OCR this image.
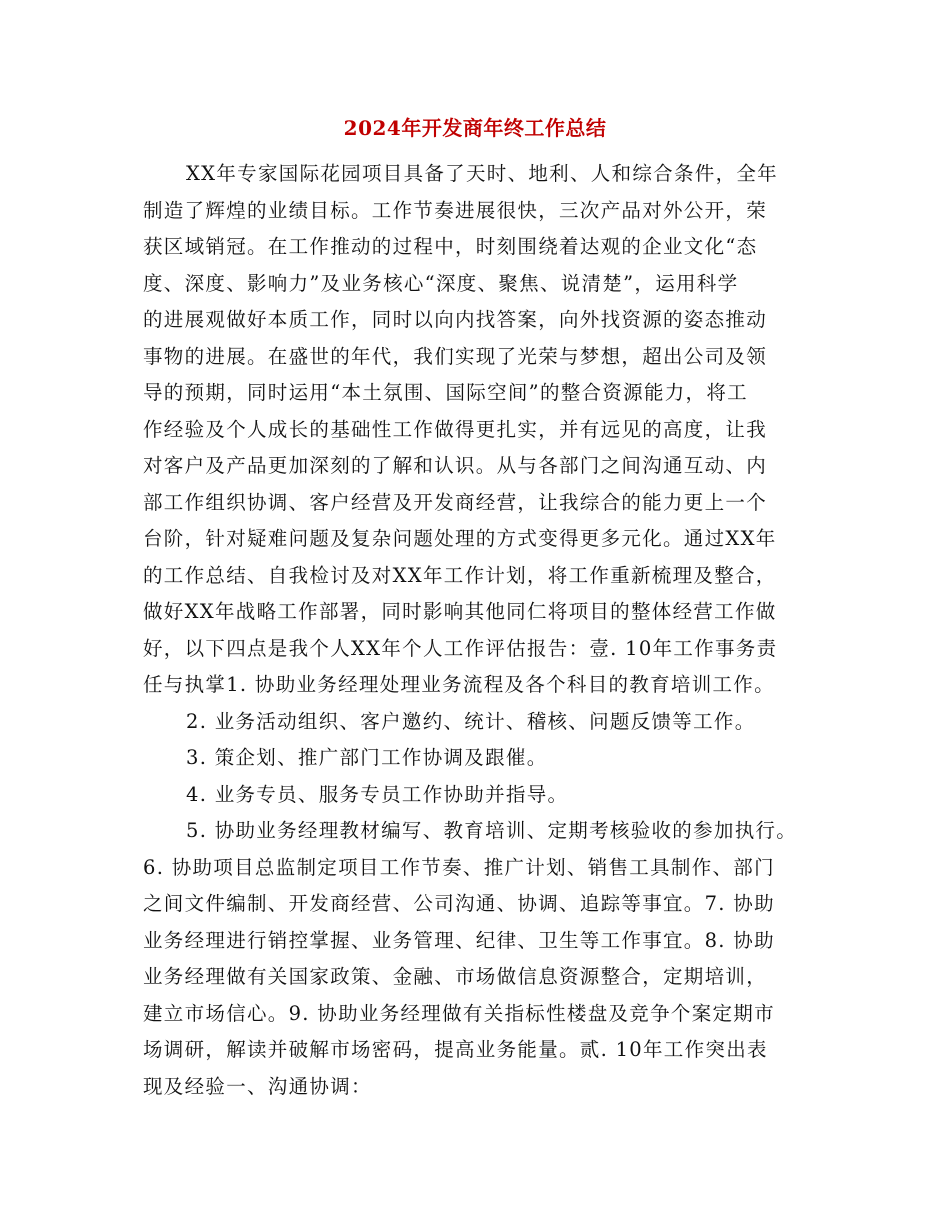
2024年开发商年终工作总结
XX年专家国际花园项目具备了天时、地利、人和综合条件，全年
制造了辉煌的业绩目标。工作节奏进展很快，三次产品对外公开，荣
获区域销冠。在工作推动的过程中，时刻围绕着达观的企业文化“态
度、深度、影响力”及业务核心“深度、聚焦、说清楚”，运用科学
的进展观做好本质工作，同时以向内找答案，向外找资源的姿态推动
事物的进展。在盛世的年代，我们实现了光荣与梦想，超出公司及领
导的预期，同时运用“本土氛围、国际空间”的整合资源能力，将工
作经验及个人成长的基础性工作做得更扎实，并有远见的高度，让我
对客户及产品更加深刻的了解和认识。从与各部门之间沟通互动、内
部工作组织协调、客户经营及开发商经营，让我综合的能力更上一个
台阶，针对疑难问题及复杂问题处理的方式变得更多元化。通过XX年
的工作总结、自我检讨及对XX年工作计划，将工作重新梳理及整合，
做好XX年战略工作部署，同时影响其他同仁将项目的整体经营工作做
好，以下四点是我个人XX年个人工作评估报告：壹. 10年工作事务责
任与执掌1. 协助业务经理处理业务流程及各个科目的教育培训工作。
2. 业务活动组织、客户邀约、统计、稽核、问题反馈等工作。
3. 策企划、推广部门工作协调及跟催。
4. 业务专员、服务专员工作协助并指导。
5. 协助业务经理教材编写、教育培训、定期考核验收的参加执行。
6. 协助项目总监制定项目工作节奏、推广计划、销售工具制作、部门
之间文件编制、开发商经营、公司沟通、协调、追踪等事宜。7. 协助
业务经理进行销控掌握、业务管理、纪律、卫生等工作事宜。8. 协助
业务经理做有关国家政策、金融、市场做信息资源整合，定期培训，
建立市场信心。9. 协助业务经理做有关指标性楼盘及竞争个案定期市
场调研，解读并破解市场密码，提高业务能量。贰. 10年工作突出表
现及经验一、沟通协调：
